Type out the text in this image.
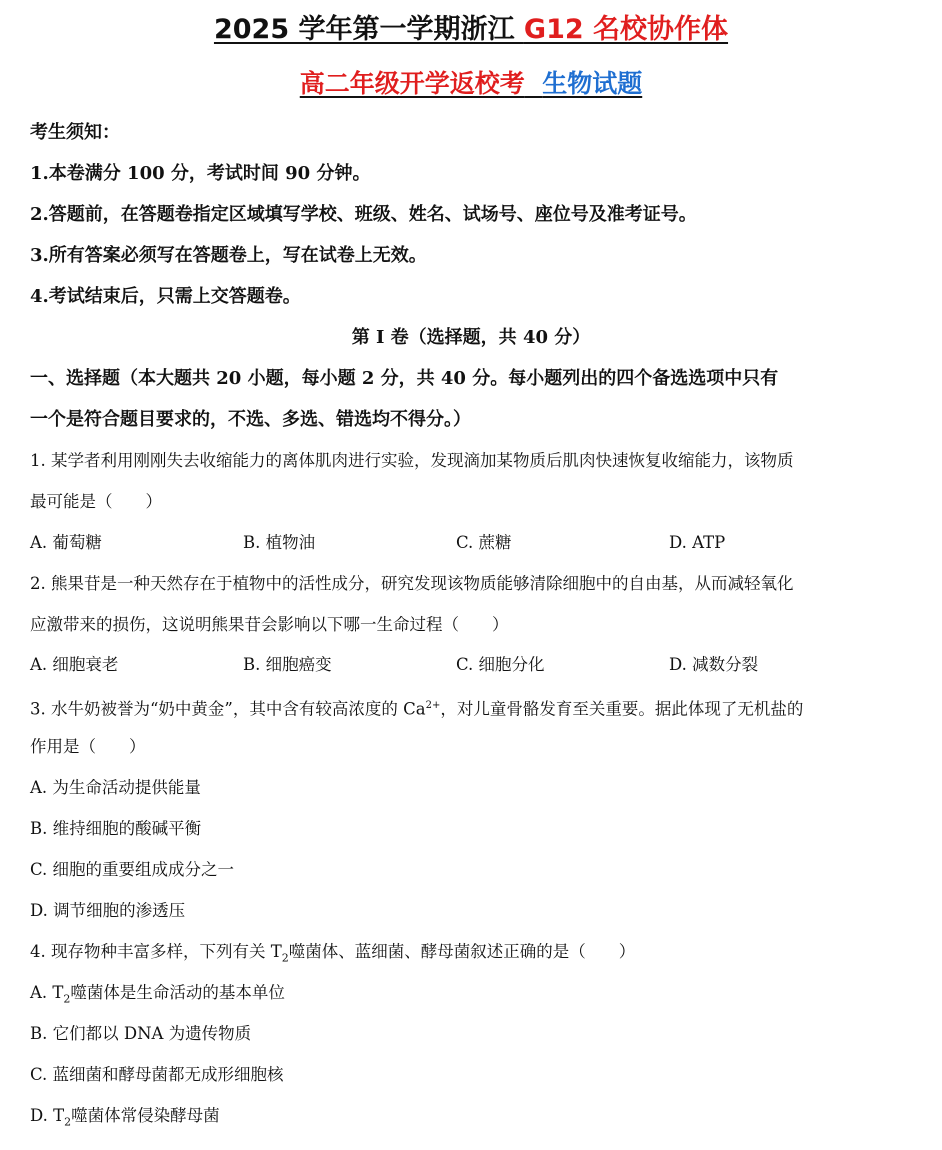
2025 学年第一学期浙江 G12 名校协作体
高二年级开学返校考 生物试题
考生须知：
1.本卷满分 100 分，考试时间 90 分钟。
2.答题前，在答题卷指定区域填写学校、班级、姓名、试场号、座位号及准考证号。
3.所有答案必须写在答题卷上，写在试卷上无效。
4.考试结束后，只需上交答题卷。
第 I 卷（选择题，共 40 分）
一、选择题（本大题共 20 小题，每小题 2 分，共 40 分。每小题列出的四个备选选项中只有
一个是符合题目要求的，不选、多选、错选均不得分。）
1. 某学者利用刚刚失去收缩能力的离体肌肉进行实验，发现滴加某物质后肌肉快速恢复收缩能力，该物质
最可能是（　　）
A. 葡萄糖	B. 植物油	C. 蔗糖	D. ATP
2. 熊果苷是一种天然存在于植物中的活性成分，研究发现该物质能够清除细胞中的自由基，从而减轻氧化
应激带来的损伤，这说明熊果苷会影响以下哪一生命过程（　　）
A. 细胞衰老	B. 细胞癌变	C. 细胞分化	D. 减数分裂
3. 水牛奶被誉为“奶中黄金”，其中含有较高浓度的 $Ca^{2+}$，对儿童骨骼发育至关重要。据此体现了无机盐的
作用是（　　）
A. 为生命活动提供能量
B. 维持细胞的酸碱平衡
C. 细胞的重要组成成分之一
D. 调节细胞的渗透压
4. 现存物种丰富多样，下列有关 $T_2$噬菌体、蓝细菌、酵母菌叙述正确的是（　　）
A. $T_2$噬菌体是生命活动的基本单位
B. 它们都以 DNA 为遗传物质
C. 蓝细菌和酵母菌都无成形细胞核
D. $T_2$噬菌体常侵染酵母菌
